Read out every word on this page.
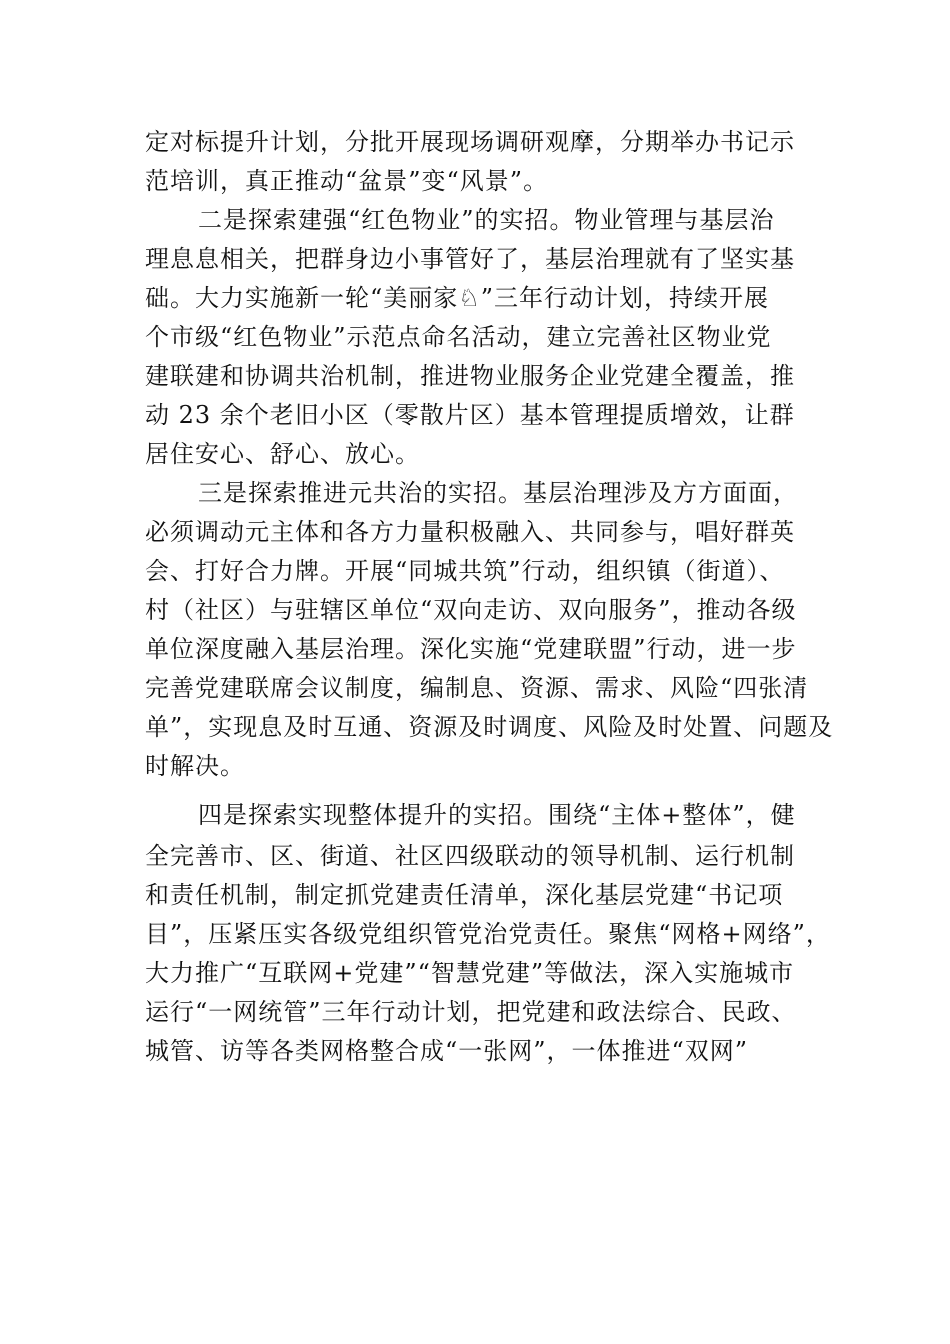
定对标提升计划，分批开展现场调研观摩，分期举办书记示
范培训，真正推动“盆景”变“风景”。
二是探索建强“红色物业”的实招。物业管理与基层治
理息息相关，把群身边小事管好了，基层治理就有了坚实基
础。大力实施新一轮“美丽家♘”三年行动计划，持续开展
个市级“红色物业”示范点命名活动，建立完善社区物业党
建联建和协调共治机制，推进物业服务企业党建全覆盖，推
动 23 余个老旧小区（零散片区）基本管理提质增效，让群
居住安心、舒心、放心。
三是探索推进元共治的实招。基层治理涉及方方面面，
必须调动元主体和各方力量积极融入、共同参与，唱好群英
会、打好合力牌。开展“同城共筑”行动，组织镇（街道）、
村（社区）与驻辖区单位“双向走访、双向服务”，推动各级
单位深度融入基层治理。深化实施“党建联盟”行动，进一步
完善党建联席会议制度，编制息、资源、需求、风险“四张清
单”，实现息及时互通、资源及时调度、风险及时处置、问题及
时解决。
四是探索实现整体提升的实招。围绕“主体+整体”，健
全完善市、区、街道、社区四级联动的领导机制、运行机制
和责任机制，制定抓党建责任清单，深化基层党建“书记项
目”，压紧压实各级党组织管党治党责任。聚焦“网格+网络”，
大力推广“互联网+党建”“智慧党建”等做法，深入实施城市
运行“一网统管”三年行动计划，把党建和政法综合、民政、
城管、访等各类网格整合成“一张网”，一体推进“双网”
